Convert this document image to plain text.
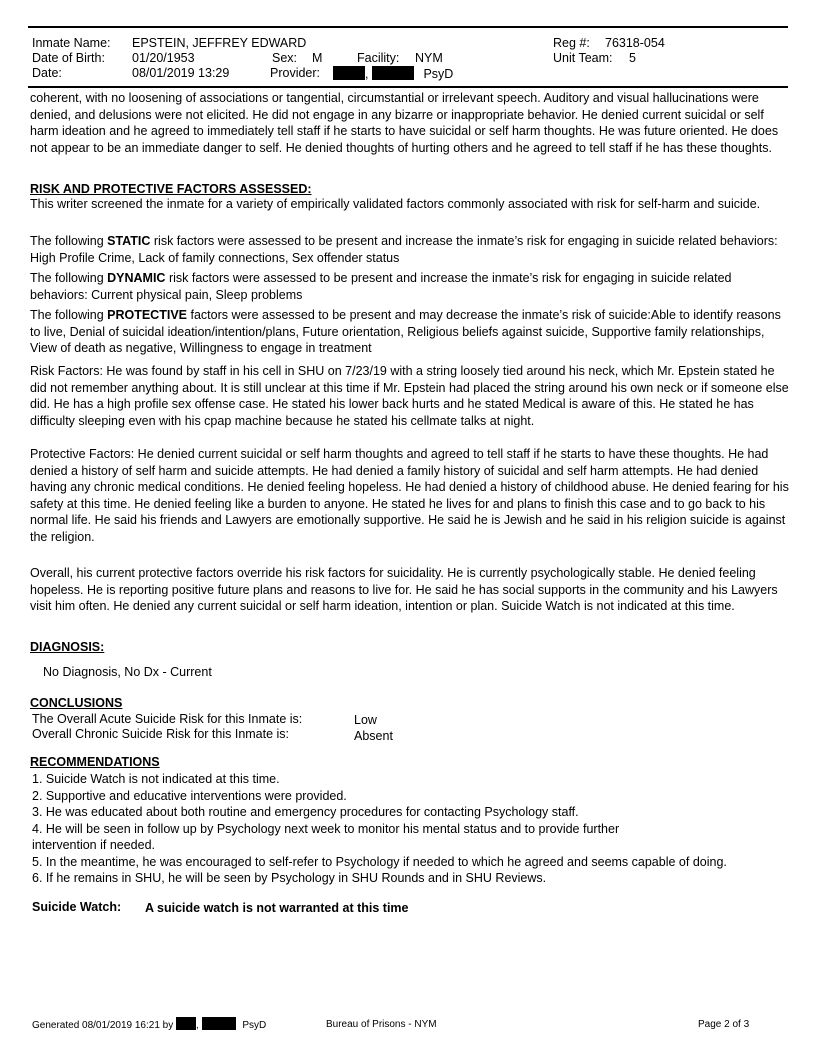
Inmate Name: EPSTEIN, JEFFREY EDWARD	Reg #: 76318-054
Date of Birth: 01/20/1953	Sex: M	Facility: NYM	Unit Team: 5
Date:	08/01/2019 13:29	Provider:	,	PsyD

coherent, with no loosening of associations or tangential, circumstantial or irrelevant speech. Auditory and visual hallucinations were denied, and delusions were not elicited. He did not engage in any bizarre or inappropriate behavior. He denied current suicidal or self harm ideation and he agreed to immediately tell staff if he starts to have suicidal or self harm thoughts. He was future oriented. He does not appear to be an immediate danger to self. He denied thoughts of hurting others and he agreed to tell staff if he has these thoughts.

RISK AND PROTECTIVE FACTORS ASSESSED:

This writer screened the inmate for a variety of empirically validated factors commonly associated with risk for self-harm and suicide.

The following STATIC risk factors were assessed to be present and increase the inmate’s risk for engaging in suicide related behaviors: High Profile Crime, Lack of family connections, Sex offender status

The following DYNAMIC risk factors were assessed to be present and increase the inmate’s risk for engaging in suicide related behaviors: Current physical pain, Sleep problems

The following PROTECTIVE factors were assessed to be present and may decrease the inmate’s risk of suicide:Able to identify reasons to live, Denial of suicidal ideation/intention/plans, Future orientation, Religious beliefs against suicide, Supportive family relationships, View of death as negative, Willingness to engage in treatment

Risk Factors: He was found by staff in his cell in SHU on 7/23/19 with a string loosely tied around his neck, which Mr. Epstein stated he did not remember anything about. It is still unclear at this time if Mr. Epstein had placed the string around his own neck or if someone else did. He has a high profile sex offense case. He stated his lower back hurts and he stated Medical is aware of this. He stated he has difficulty sleeping even with his cpap machine because he stated his cellmate talks at night.

Protective Factors: He denied current suicidal or self harm thoughts and agreed to tell staff if he starts to have these thoughts. He had denied a history of self harm and suicide attempts. He had denied a family history of suicidal and self harm attempts. He had denied having any chronic medical conditions. He denied feeling hopeless. He had denied a history of childhood abuse. He denied fearing for his safety at this time. He denied feeling like a burden to anyone. He stated he lives for and plans to finish this case and to go back to his normal life. He said his friends and Lawyers are emotionally supportive. He said he is Jewish and he said in his religion suicide is against the religion.

Overall, his current protective factors override his risk factors for suicidality. He is currently psychologically stable. He denied feeling hopeless. He is reporting positive future plans and reasons to live for. He said he has social supports in the community and his Lawyers visit him often. He denied any current suicidal or self harm ideation, intention or plan. Suicide Watch is not indicated at this time.

DIAGNOSIS:
No Diagnosis, No Dx - Current
CONCLUSIONS
The Overall Acute Suicide Risk for this Inmate is:	Low
Overall Chronic Suicide Risk for this Inmate is:	Absent
RECOMMENDATIONS
1. Suicide Watch is not indicated at this time.
2. Supportive and educative interventions were provided.
3. He was educated about both routine and emergency procedures for contacting Psychology staff.
4. He will be seen in follow up by Psychology next week to monitor his mental status and to provide further
intervention if needed.
5. In the meantime, he was encouraged to self-refer to Psychology if needed to which he agreed and seems capable of doing.
6. If he remains in SHU, he will be seen by Psychology in SHU Rounds and in SHU Reviews.
Suicide Watch: A suicide watch is not warranted at this time
Generated 08/01/2019 16:21 by ,	PsyD	Bureau of Prisons - NYM	Page 2 of 3
